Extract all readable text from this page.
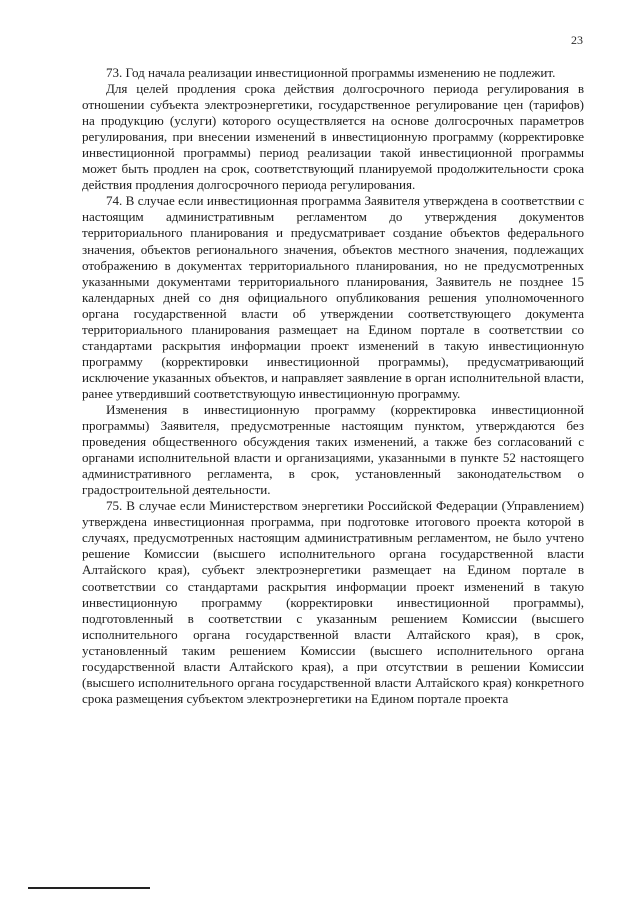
23

73. Год начала реализации инвестиционной программы изменению не подлежит.

Для целей продления срока действия долгосрочного периода регулирования в отношении субъекта электроэнергетики, государственное регулирование цен (тарифов) на продукцию (услуги) которого осуществляется на основе долгосрочных параметров регулирования, при внесении изменений в инвестиционную программу (корректировке инвестиционной программы) период реализации такой инвестиционной программы может быть продлен на срок, соответствующий планируемой продолжительности срока действия продления долгосрочного периода регулирования.

74. В случае если инвестиционная программа Заявителя утверждена в соответствии с настоящим административным регламентом до утверждения документов территориального планирования и предусматривает создание объектов федерального значения, объектов регионального значения, объектов местного значения, подлежащих отображению в документах территориального планирования, но не предусмотренных указанными документами территориального планирования, Заявитель не позднее 15 календарных дней со дня официального опубликования решения уполномоченного органа государственной власти об утверждении соответствующего документа территориального планирования размещает на Едином портале в соответствии со стандартами раскрытия информации проект изменений в такую инвестиционную программу (корректировки инвестиционной программы), предусматривающий исключение указанных объектов, и направляет заявление в орган исполнительной власти, ранее утвердивший соответствующую инвестиционную программу.

Изменения в инвестиционную программу (корректировка инвестиционной программы) Заявителя, предусмотренные настоящим пунктом, утверждаются без проведения общественного обсуждения таких изменений, а также без согласований с органами исполнительной власти и организациями, указанными в пункте 52 настоящего административного регламента, в срок, установленный законодательством о градостроительной деятельности.

75. В случае если Министерством энергетики Российской Федерации (Управлением) утверждена инвестиционная программа, при подготовке итогового проекта которой в случаях, предусмотренных настоящим административным регламентом, не было учтено решение Комиссии (высшего исполнительного органа государственной власти Алтайского края), субъект электроэнергетики размещает на Едином портале в соответствии со стандартами раскрытия информации проект изменений в такую инвестиционную программу (корректировки инвестиционной программы), подготовленный в соответствии с указанным решением Комиссии (высшего исполнительного органа государственной власти Алтайского края), в срок, установленный таким решением Комиссии (высшего исполнительного органа государственной власти Алтайского края), а при отсутствии в решении Комиссии (высшего исполнительного органа государственной власти Алтайского края) конкретного срока размещения субъектом электроэнергетики на Едином портале проекта
